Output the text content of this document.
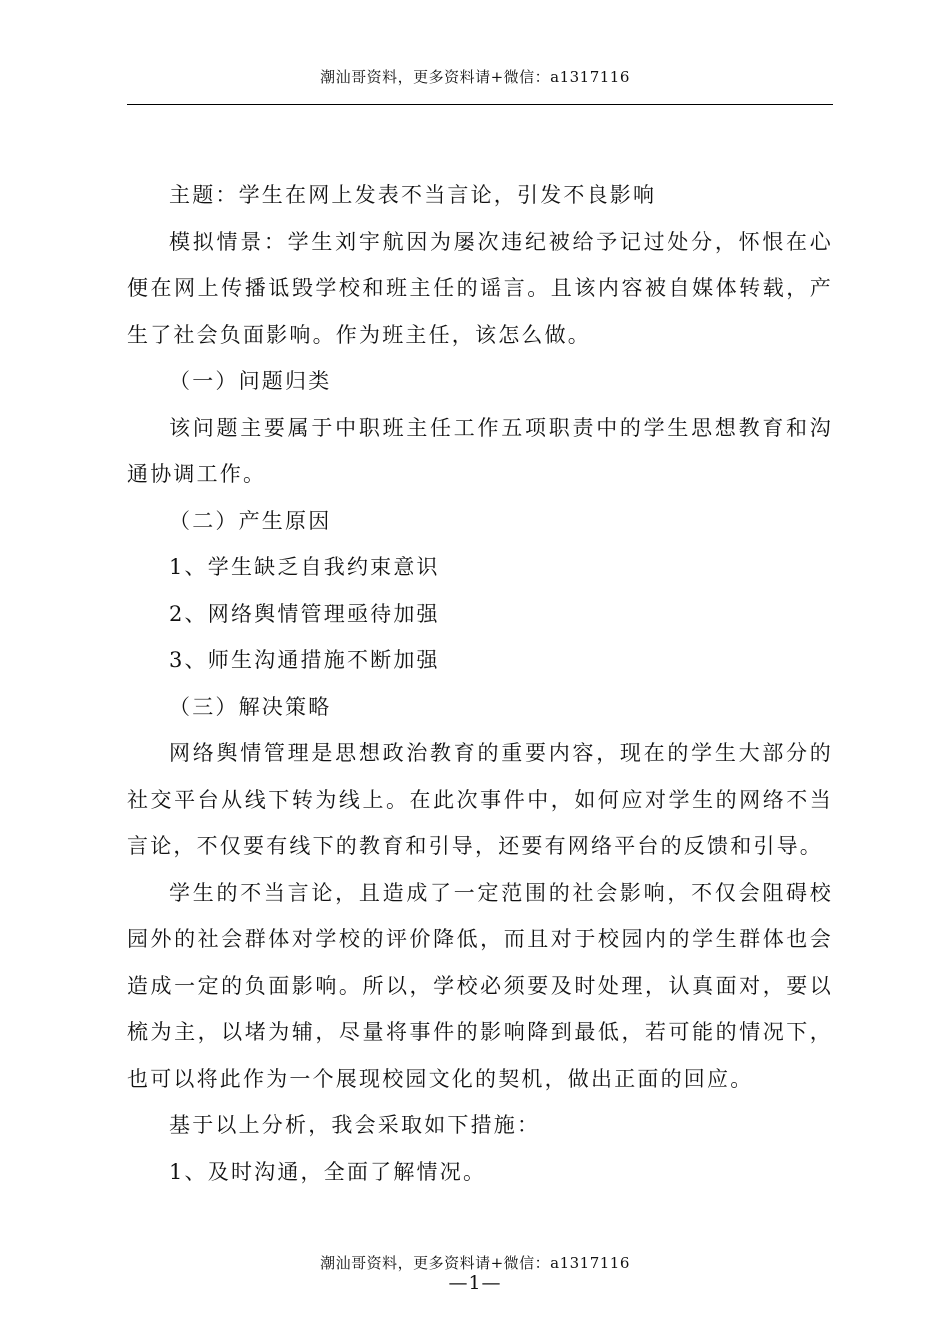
潮汕哥资料，更多资料请+微信：a1317116

主题：学生在网上发表不当言论，引发不良影响

模拟情景：学生刘宇航因为屡次违纪被给予记过处分，怀恨在心便在网上传播诋毁学校和班主任的谣言。且该内容被自媒体转载，产生了社会负面影响。作为班主任，该怎么做。

（一）问题归类

该问题主要属于中职班主任工作五项职责中的学生思想教育和沟通协调工作。

（二）产生原因

1、学生缺乏自我约束意识

2、网络舆情管理亟待加强

3、师生沟通措施不断加强

（三）解决策略

网络舆情管理是思想政治教育的重要内容，现在的学生大部分的社交平台从线下转为线上。在此次事件中，如何应对学生的网络不当言论，不仅要有线下的教育和引导，还要有网络平台的反馈和引导。

学生的不当言论，且造成了一定范围的社会影响，不仅会阻碍校园外的社会群体对学校的评价降低，而且对于校园内的学生群体也会造成一定的负面影响。所以，学校必须要及时处理，认真面对，要以梳为主，以堵为辅，尽量将事件的影响降到最低，若可能的情况下，也可以将此作为一个展现校园文化的契机，做出正面的回应。

基于以上分析，我会采取如下措施：

1、及时沟通，全面了解情况。

潮汕哥资料，更多资料请+微信：a1317116
—1—
